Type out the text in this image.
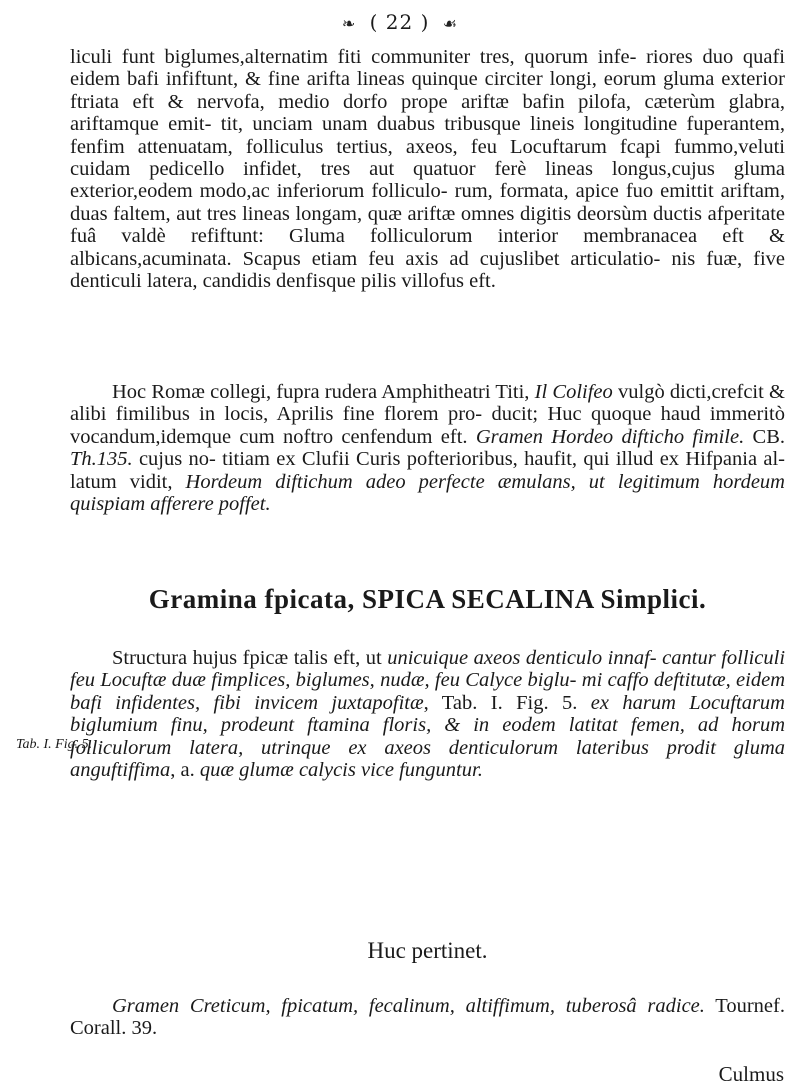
❧ ( 22 ) ☙

liculi funt biglumes,alternatim fiti communiter tres, quorum infe- riores duo quafi eidem bafi infiftunt, & fine arifta lineas quinque circiter longi, eorum gluma exterior ftriata eft & nervofa, medio dorfo prope ariftæ bafin pilofa, cæterùm glabra, ariftamque emit- tit, unciam unam duabus tribusque lineis longitudine fuperantem, fenfim attenuatam, folliculus tertius, axeos, feu Locuftarum fcapi fummo,veluti cuidam pedicello infidet, tres aut quatuor ferè lineas longus,cujus gluma exterior,eodem modo,ac inferiorum folliculo- rum, formata, apice fuo emittit ariftam, duas faltem, aut tres lineas longam, quæ ariftæ omnes digitis deorsùm ductis afperitate fuâ valdè refiftunt: Gluma folliculorum interior membranacea eft & albicans,acuminata. Scapus etiam feu axis ad cujuslibet articulatio- nis fuæ, five denticuli latera, candidis denfisque pilis villofus eft.

Hoc Romæ collegi, fupra rudera Amphitheatri Titi, Il Colifeo vulgò dicti,crefcit & alibi fimilibus in locis, Aprilis fine florem pro- ducit; Huc quoque haud immeritò vocandum,idemque cum noftro cenfendum eft. Gramen Hordeo difticho fimile. CB. Th.135. cujus no- titiam ex Clufii Curis pofterioribus, haufit, qui illud ex Hifpania al- latum vidit, Hordeum diftichum adeo perfecte æmulans, ut legitimum hordeum quispiam afferere poffet.

Gramina fpicata, SPICA SECALINA Simplici.
Tab. I. Fig. 5.

Structura hujus fpicæ talis eft, ut unicuique axeos denticulo innaf- cantur folliculi feu Locuftæ duæ fimplices, biglumes, nudæ, feu Calyce biglu- mi caffo deftitutæ, eidem bafi infidentes, fibi invicem juxtapofitæ, Tab. I. Fig. 5. ex harum Locuftarum biglumium finu, prodeunt ftamina floris, & in eodem latitat femen, ad horum folliculorum latera, utrinque ex axeos denticulorum lateribus prodit gluma anguftiffima, a. quæ glumæ calycis vice funguntur.

Huc pertinet.

Gramen Creticum, fpicatum, fecalinum, altiffimum, tuberosâ radice. Tournef. Corall. 39.

Culmus
